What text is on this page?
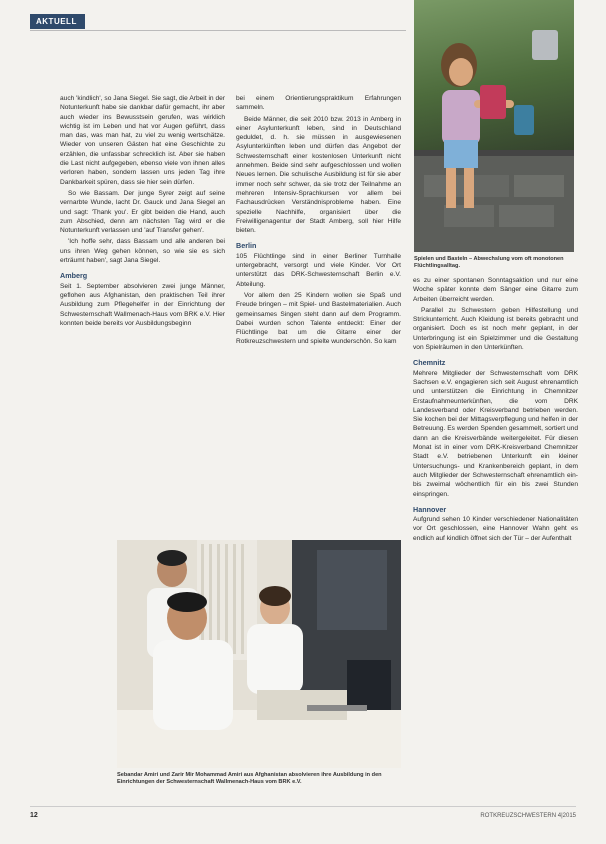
AKTUELL

auch 'kindlich', so Jana Siegel. Sie sagt, die Arbeit in der Notunterkunft habe sie dankbar dafür gemacht, ihr aber auch wieder ins Bewusstsein gerufen, was wirklich wichtig ist im Leben und hat vor Augen geführt, dass man das, was man hat, zu viel zu wenig wertschätze. Wieder von unseren Gästen hat eine Geschichte zu erzählen, die unfassbar schrecklich ist. Aber sie haben die Last nicht aufgegeben, ebenso viele von ihnen alles verloren haben, sondern lassen uns jeden Tag ihre Dankbarkeit spüren, dass sie hier sein dürfen.

So wie Bassam. Der junge Syrer zeigt auf seine vernarbte Wunde, lacht Dr. Gauck und Jana Siegel an und sagt: 'Thank you'. Er gibt beiden die Hand, auch zum Abschied, denn am nächsten Tag wird er die Notunterkunft verlassen und 'auf Transfer gehen'.

'Ich hoffe sehr, dass Bassam und alle anderen bei uns ihren Weg gehen können, so wie sie es sich erträumt haben', sagt Jana Siegel.

Amberg

Seit 1. September absolvieren zwei junge Männer, geflohen aus Afghanistan, den praktischen Teil ihrer Ausbildung zum Pflegehelfer in der Einrichtung der Schwesternschaft Wallmenach-Haus vom BRK e.V. Hier konnten beide bereits vor Ausbildungsbeginn

bei einem Orientierungspraktikum Erfahrungen sammeln.

Beide Männer, die seit 2010 bzw. 2013 in Amberg in einer Asylunterkunft leben, sind in Deutschland geduldet, d. h. sie müssen in ausgewiesenen Asylunterkünften leben und dürfen das Angebot der Schwesternschaft einer kostenlosen Unterkunft nicht annehmen. Beide sind sehr aufgeschlossen und wollen Neues lernen. Die schulische Ausbildung ist für sie aber immer noch sehr schwer, da sie trotz der Teilnahme an mehreren Intensiv-Sprachkursen vor allem bei Fachausdrücken Verständnisprobleme haben. Eine spezielle Nachhilfe, organisiert über die Freiwilligenagentur der Stadt Amberg, soll hier Hilfe bieten.

Berlin

105 Flüchtlinge sind in einer Berliner Turnhalle untergebracht, versorgt und viele Kinder. Vor Ort unterstützt das DRK-Schwesternschaft Berlin e.V. Abteilung.

Vor allem den 25 Kindern wollen sie Spaß und Freude bringen – mit Spiel- und Bastelmaterialien. Auch gemeinsames Singen steht dann auf dem Programm. Dabei wurden schon Talente entdeckt: Einer der Flüchtlinge bat um die Gitarre einer der Rotkreuzschwestern und spielte wunderschön. So kam

Spielen und Basteln – Abwechslung vom oft monotonen Flüchtlingsalltag.

es zu einer spontanen Sonntagsaktion und nur eine Woche später konnte dem Sänger eine Gitarre zum Arbeiten überreicht werden.

Parallel zu Schwestern geben Hilfestellung und Strickunterricht. Auch Kleidung ist bereits gebracht und organisiert. Doch es ist noch mehr geplant, in der Unterbringung ist ein Spielzimmer und die Gestaltung von Spielräumen in den Unterkünften.

Chemnitz

Mehrere Mitglieder der Schwesternschaft vom DRK Sachsen e.V. engagieren sich seit August ehrenamtlich und unterstützen die Einrichtung in Chemnitzer Erstaufnahmeunterkünften, die vom DRK Landesverband oder Kreisverband betrieben werden. Sie kochen bei der Mittagsverpflegung und helfen in der Betreuung. Es werden Spenden gesammelt, sortiert und dann an die Kreisverbände weitergeleitet. Für diesen Monat ist in einer vom DRK-Kreisverband Chemnitzer Stadt e.V. betriebenen Unterkunft ein kleiner Untersuchungs- und Krankenbereich geplant, in dem auch Mitglieder der Schwesternschaft ehrenamtlich ein- bis zweimal wöchentlich für ein bis zwei Stunden einspringen.

Hannover

Aufgrund sehen 10 Kinder verschiedener Nationalitäten vor Ort geschlossen, eine Hannover Wahn geht es endlich auf kindlich öffnet sich der Tür – der Aufenthalt

Sebandar Amiri und Zarir Mir Mohammad Amiri aus Afghanistan absolvieren ihre Ausbildung in den Einrichtungen der Schwesternschaft Wallmenach-Haus vom BRK e.V.
12	ROTKREUZSCHWESTERN 4|2015
